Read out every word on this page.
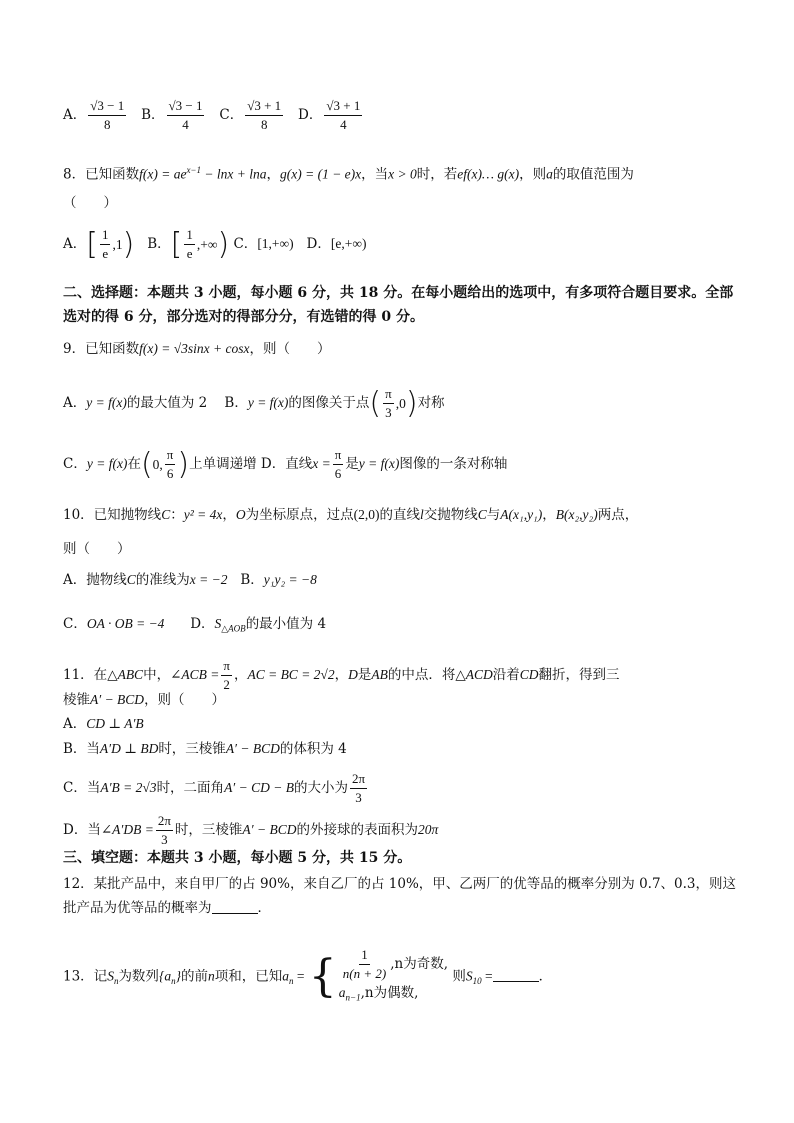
A． $\frac{√3 - 1}{8}$ B． $\frac{√3 - 1}{4}$ C． $\frac{√3 + 1}{8}$ D． $\frac{√3 + 1}{4}$
8．已知函数$f(x) = ae^{x-1} - \ln x + \ln a$，g(x) = (1 − e)x，当x > 0时，若ef(x)… g(x)，则a的取值范围为
（　　）
A． [ $\frac{1}{e} ,1$ ) B． [ $\frac{1}{e}$ ,+∞ ) C．[1,+∞) D．[e,+∞)
二、选择题：本题共 3 小题，每小题 6 分，共 18 分。在每小题给出的选项中，有多项符合题目要求。全部选对的得 6 分，部分选对的得部分分，有选错的得 0 分。
9．已知函数f(x) = √3sinx + cosx，则（　　）
A．y = f(x)的最大值为 2 B．y = f(x)的图像关于点 ( $\frac{\pi}{3} ,0$ ) 对称
C．y = f(x)在 ( 0, $\frac{\pi}{6}$ ) 上单调递增 D．直线$x = \frac{\pi}{6}$ 是y = f(x)图像的一条对称轴
10．已知抛物线C：y² = 4x，O为坐标原点，过点(2,0)的直线l交抛物线C与A(x₁,y₁)，B(x₂,y₂)两点，
则（　　）
A．抛物线C的准线为x = −2 B．y₁y₂ = −8
C．OA · OB = −4 D．$S_{\triangle AOB}$的最小值为 4
11．在△ABC中，∠ACB = $\frac{\pi}{2}$ ，AC = BC = 2√2，D是AB的中点．将△ACD沿着CD翻折，得到三
棱锥A′ − BCD，则（　　）
A．CD ⊥ A′B
B．当A′D ⊥ BD时，三棱锥A′ − BCD的体积为 4
C．当A′B = 2√3时，二面角A′ − CD − B的大小为 $\frac{2\pi}{3}$
D．当∠A′DB = $\frac{2\pi}{3}$ 时，三棱锥A′ − BCD的外接球的表面积为20π
三、填空题：本题共 3 小题，每小题 5 分，共 15 分。
12．某批产品中，来自甲厂的占 90%，来自乙厂的占 10%，甲、乙两厂的优等品的概率分别为 0.7、0.3，则这
批产品为优等品的概率为	．
13．记$S_n$为数列$\{a_n\}$的前n项和，已知$a_n$ = { $\frac{1}{n(n + 2)} ,n$为奇数,
$a_{n-1},n$为偶数,
则$S_{10}$ =	．
